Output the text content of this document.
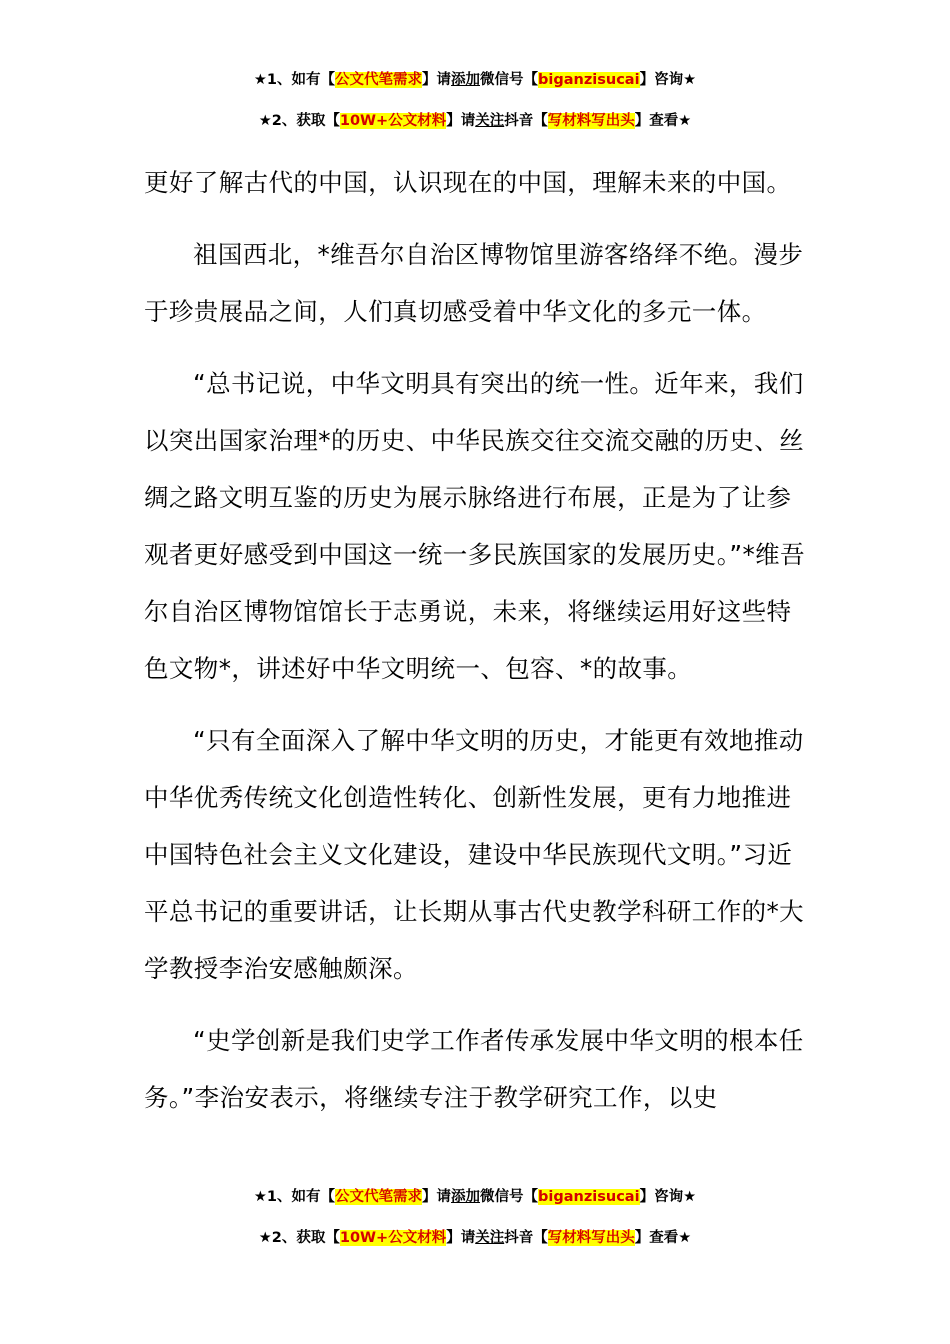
★1、如有【公文代笔需求】请添加微信号【biganzisucai】咨询★
★2、获取【10W+公文材料】请关注抖音【写材料写出头】查看★

更好了解古代的中国，认识现在的中国，理解未来的中国。

祖国西北，*维吾尔自治区博物馆里游客络绎不绝。漫步于珍贵展品之间，人们真切感受着中华文化的多元一体。

“总书记说，中华文明具有突出的统一性。近年来，我们以突出国家治理*的历史、中华民族交往交流交融的历史、丝绸之路文明互鉴的历史为展示脉络进行布展，正是为了让参观者更好感受到中国这一统一多民族国家的发展历史。”*维吾尔自治区博物馆馆长于志勇说，未来，将继续运用好这些特色文物*，讲述好中华文明统一、包容、*的故事。

“只有全面深入了解中华文明的历史，才能更有效地推动中华优秀传统文化创造性转化、创新性发展，更有力地推进中国特色社会主义文化建设，建设中华民族现代文明。”习近平总书记的重要讲话，让长期从事古代史教学科研工作的*大学教授李治安感触颇深。

“史学创新是我们史学工作者传承发展中华文明的根本任务。”李治安表示，将继续专注于教学研究工作，以史

★1、如有【公文代笔需求】请添加微信号【biganzisucai】咨询★
★2、获取【10W+公文材料】请关注抖音【写材料写出头】查看★
